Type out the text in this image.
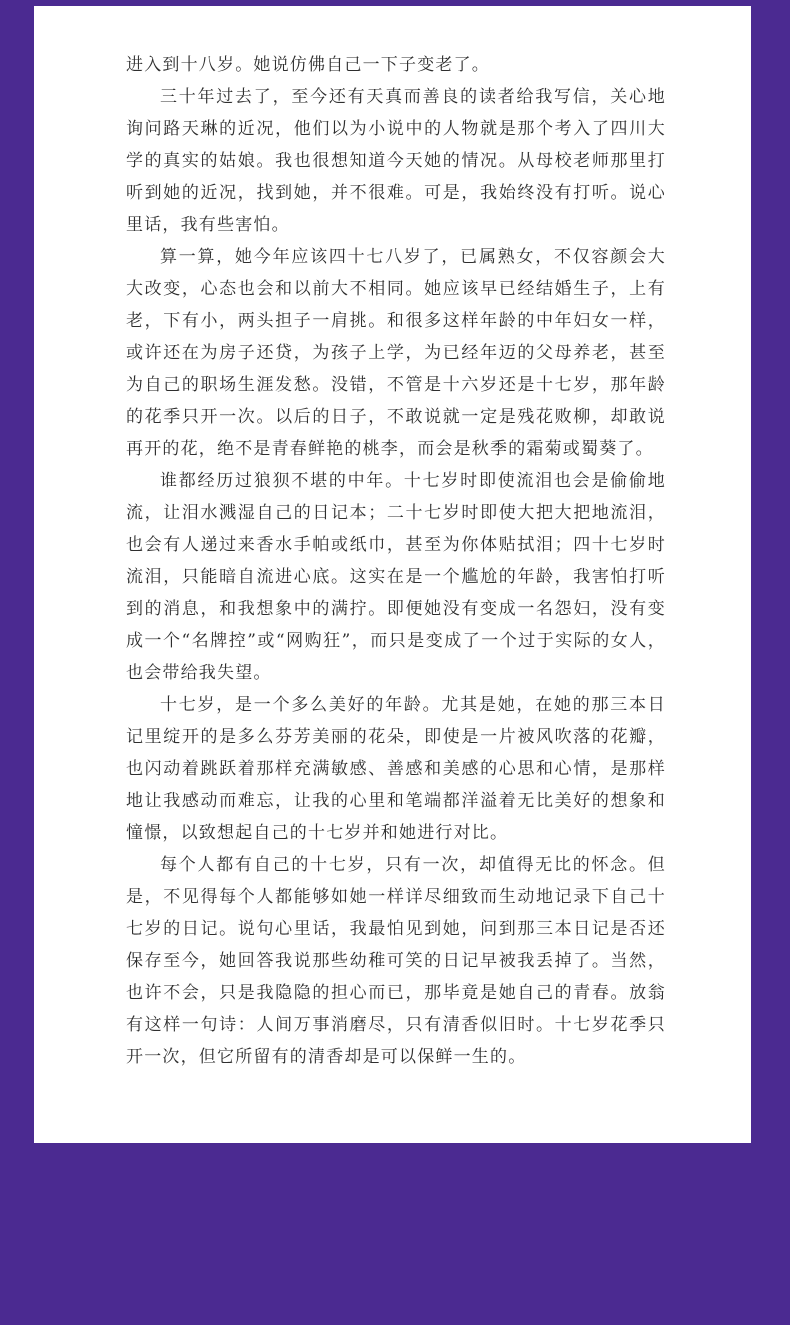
进入到十八岁。她说仿佛自己一下子变老了。

三十年过去了，至今还有天真而善良的读者给我写信，关心地询问路天琳的近况，他们以为小说中的人物就是那个考入了四川大学的真实的姑娘。我也很想知道今天她的情况。从母校老师那里打听到她的近况，找到她，并不很难。可是，我始终没有打听。说心里话，我有些害怕。

算一算，她今年应该四十七八岁了，已属熟女，不仅容颜会大大改变，心态也会和以前大不相同。她应该早已经结婚生子，上有老，下有小，两头担子一肩挑。和很多这样年龄的中年妇女一样，或许还在为房子还贷，为孩子上学，为已经年迈的父母养老，甚至为自己的职场生涯发愁。没错，不管是十六岁还是十七岁，那年龄的花季只开一次。以后的日子，不敢说就一定是残花败柳，却敢说再开的花，绝不是青春鲜艳的桃李，而会是秋季的霜菊或蜀葵了。

谁都经历过狼狈不堪的中年。十七岁时即使流泪也会是偷偷地流，让泪水溅湿自己的日记本；二十七岁时即使大把大把地流泪，也会有人递过来香水手帕或纸巾，甚至为你体贴拭泪；四十七岁时流泪，只能暗自流进心底。这实在是一个尴尬的年龄，我害怕打听到的消息，和我想象中的满拧。即便她没有变成一名怨妇，没有变成一个“名牌控”或“网购狂”，而只是变成了一个过于实际的女人，也会带给我失望。

十七岁，是一个多么美好的年龄。尤其是她，在她的那三本日记里绽开的是多么芬芳美丽的花朵，即使是一片被风吹落的花瓣，也闪动着跳跃着那样充满敏感、善感和美感的心思和心情，是那样地让我感动而难忘，让我的心里和笔端都洋溢着无比美好的想象和憧憬，以致想起自己的十七岁并和她进行对比。

每个人都有自己的十七岁，只有一次，却值得无比的怀念。但是，不见得每个人都能够如她一样详尽细致而生动地记录下自己十七岁的日记。说句心里话，我最怕见到她，问到那三本日记是否还保存至今，她回答我说那些幼稚可笑的日记早被我丢掉了。当然，也许不会，只是我隐隐的担心而已，那毕竟是她自己的青春。放翁有这样一句诗：人间万事消磨尽，只有清香似旧时。十七岁花季只开一次，但它所留有的清香却是可以保鲜一生的。
